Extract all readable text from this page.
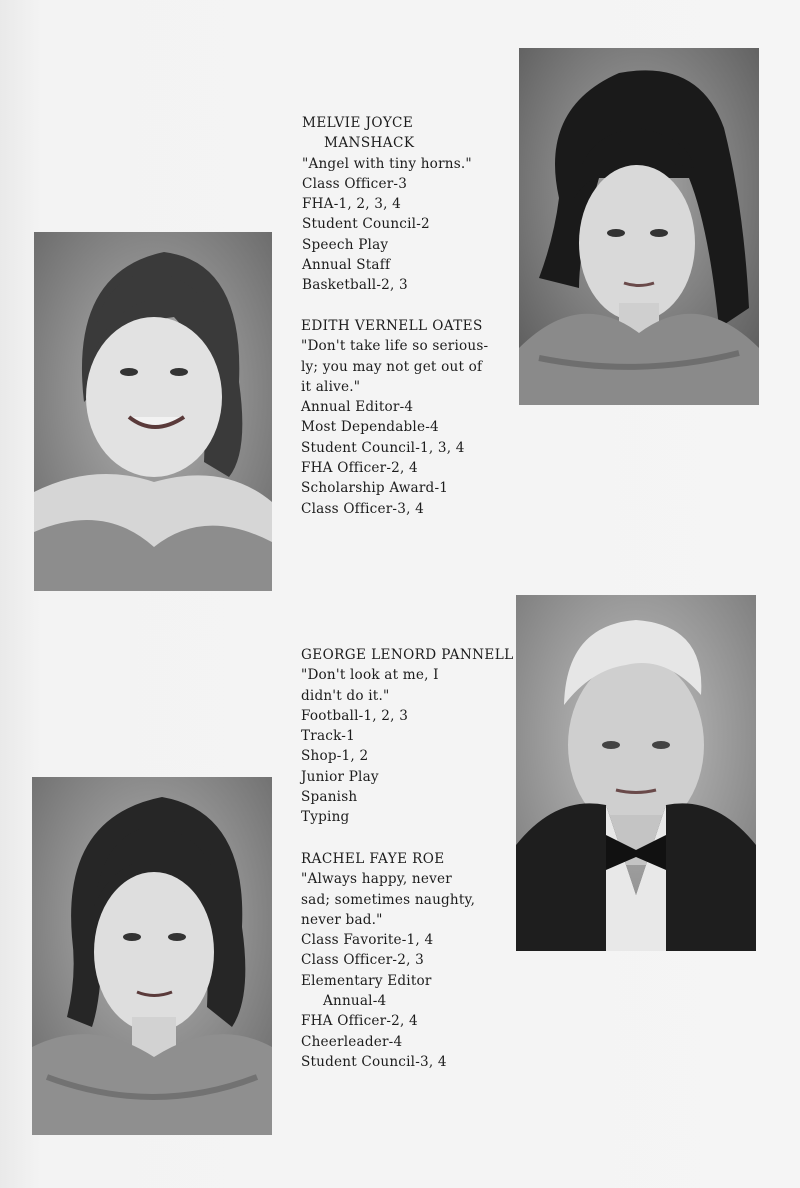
MELVIE JOYCE
MANSHACK
"Angel with tiny horns."
Class Officer-3
FHA-1, 2, 3, 4
Student Council-2
Speech Play
Annual Staff
Basketball-2, 3
EDITH VERNELL OATES
"Don't take life so serious-
ly; you may not get out of
it alive."
Annual Editor-4
Most Dependable-4
Student Council-1, 3, 4
FHA Officer-2, 4
Scholarship Award-1
Class Officer-3, 4
GEORGE LENORD PANNELL
"Don't look at me, I
didn't do it."
Football-1, 2, 3
Track-1
Shop-1, 2
Junior Play
Spanish
Typing
RACHEL FAYE ROE
"Always happy, never
sad; sometimes naughty,
never bad."
Class Favorite-1, 4
Class Officer-2, 3
Elementary Editor
Annual-4
FHA Officer-2, 4
Cheerleader-4
Student Council-3, 4
